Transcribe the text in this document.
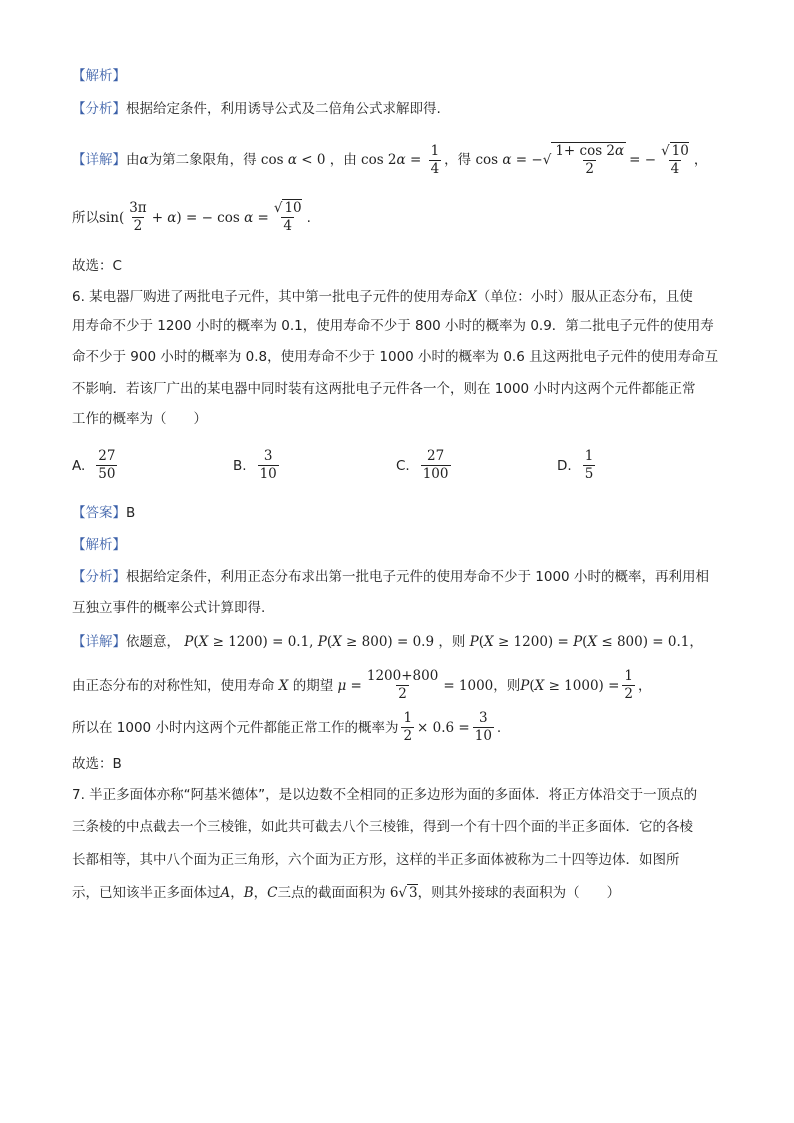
【解析】
【分析】根据给定条件，利用诱导公式及二倍角公式求解即得.
【详解】 由 α 为第二象限角，得 cos α < 0 ，由 $\cos 2\alpha = \frac{1}{4}$ ，得 cos α = − √ $\frac{1+ \cos 2\alpha}{2}$ = − $\frac{√ 10}{4}$ ，
所以 $\sin( \frac{3\pi}{2} + \alpha)$ = − $\cos \alpha = \frac{√ 10}{4}$ .
故选：C
6. 某电器厂购进了两批电子元件，其中第一批电子元件的使用寿命X（单位：小时）服从正态分布，且使
用寿命不少于 1200 小时的概率为 0.1，使用寿命不少于 800 小时的概率为 0.9．第二批电子元件的使用寿
命不少于 900 小时的概率为 0.8，使用寿命不少于 1000 小时的概率为 0.6 且这两批电子元件的使用寿命互
不影响．若该厂广出的某电器中同时装有这两批电子元件各一个，则在 1000 小时内这两个元件都能正常
工作的概率为（　　）
A. $\frac{27}{50}$	B. $\frac{3}{10}$	C. $\frac{27}{100}$	D. $\frac{1}{5}$
【答案】B
【解析】
【分析】根据给定条件，利用正态分布求出第一批电子元件的使用寿命不少于 1000 小时的概率，再利用相
互独立事件的概率公式计算即得.
【详解】依题意， P(X ≥ 1200) = 0.1, P(X ≥ 800) = 0.9 ，则 P(X ≥ 1200) = P(X ≤ 800) = 0.1，
由正态分布的对称性知，使用寿命 X 的期望 $\mu = \frac{1200+800}{2} = 1000$ ，则 $P(X \ge 1000) = \frac{1}{2}$ ，
所以在 1000 小时内这两个元件都能正常工作的概率为 $\frac{1}{2} \times 0.6 = \frac{3}{10}$ .
故选：B
7. 半正多面体亦称“阿基米德体”，是以边数不全相同的正多边形为面的多面体．将正方体沿交于一顶点的
三条棱的中点截去一个三棱锥，如此共可截去八个三棱锥，得到一个有十四个面的半正多面体．它的各棱
长都相等，其中八个面为正三角形，六个面为正方形，这样的半正多面体被称为二十四等边体．如图所
示，已知该半正多面体过A，B，C三点的截面面积为 6√ 3，则其外接球的表面积为（　　）
